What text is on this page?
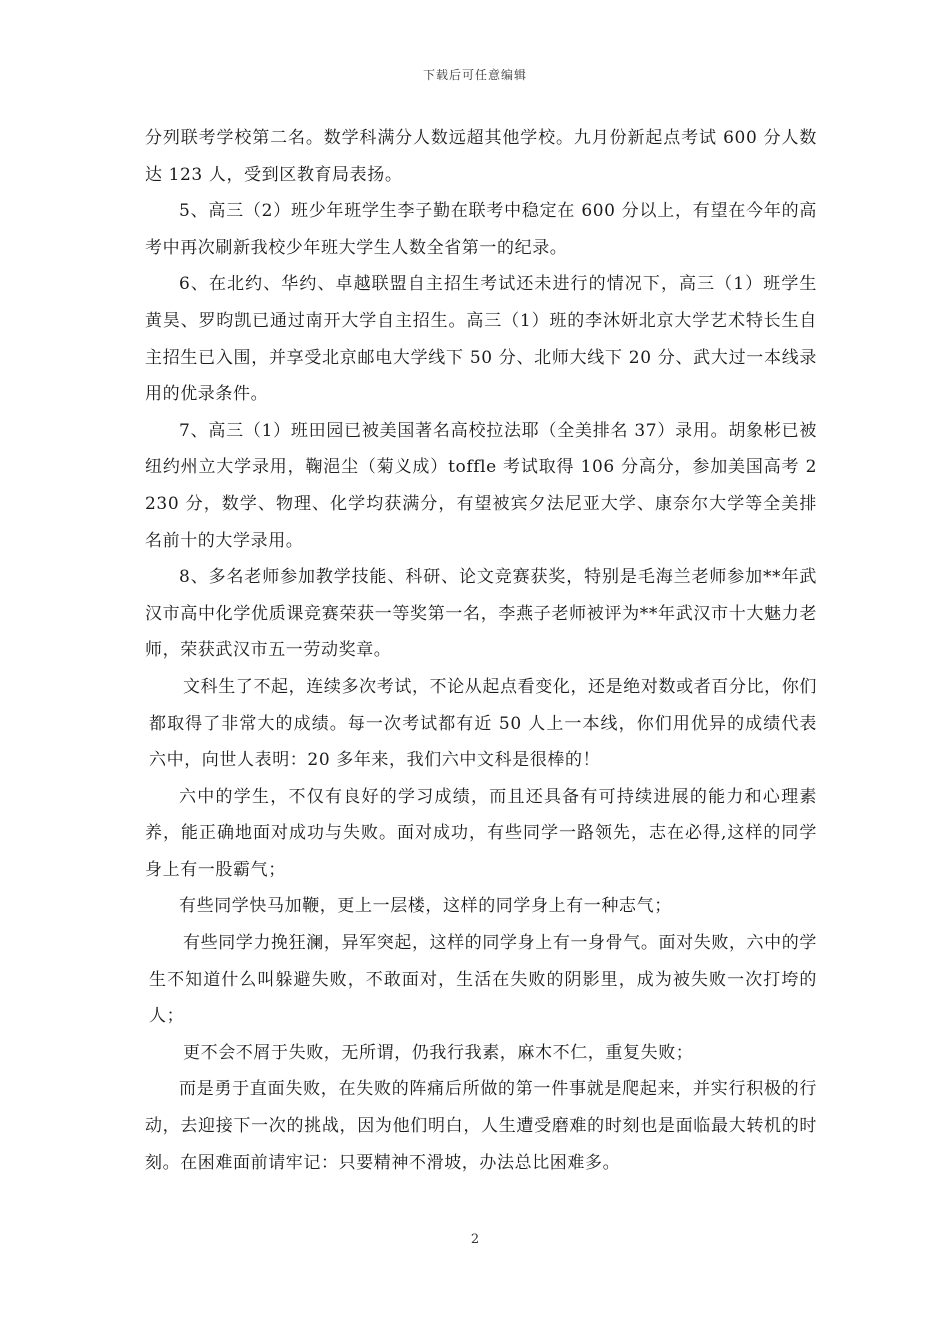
下载后可任意编辑

分列联考学校第二名。数学科满分人数远超其他学校。九月份新起点考试 600 分人数达 123 人，受到区教育局表扬。

5、高三（2）班少年班学生李子勤在联考中稳定在 600 分以上，有望在今年的高考中再次刷新我校少年班大学生人数全省第一的纪录。

6、在北约、华约、卓越联盟自主招生考试还未进行的情况下，高三（1）班学生黄昊、罗昀凯已通过南开大学自主招生。高三（1）班的李沐妍北京大学艺术特长生自主招生已入围，并享受北京邮电大学线下 50 分、北师大线下 20 分、武大过一本线录用的优录条件。

7、高三（1）班田园已被美国著名高校拉法耶（全美排名 37）录用。胡象彬已被纽约州立大学录用，鞠浥尘（菊义成）toffle 考试取得 106 分高分，参加美国高考 2230 分，数学、物理、化学均获满分，有望被宾夕法尼亚大学、康奈尔大学等全美排名前十的大学录用。

8、多名老师参加教学技能、科研、论文竞赛获奖，特别是毛海兰老师参加**年武汉市高中化学优质课竞赛荣获一等奖第一名，李燕子老师被评为**年武汉市十大魅力老师，荣获武汉市五一劳动奖章。

文科生了不起，连续多次考试，不论从起点看变化，还是绝对数或者百分比，你们都取得了非常大的成绩。每一次考试都有近 50 人上一本线，你们用优异的成绩代表六中，向世人表明：20 多年来，我们六中文科是很棒的！

六中的学生，不仅有良好的学习成绩，而且还具备有可持续进展的能力和心理素养，能正确地面对成功与失败。面对成功，有些同学一路领先，志在必得,这样的同学身上有一股霸气；

有些同学快马加鞭，更上一层楼，这样的同学身上有一种志气；

有些同学力挽狂澜，异军突起，这样的同学身上有一身骨气。面对失败，六中的学生不知道什么叫躲避失败，不敢面对，生活在失败的阴影里，成为被失败一次打垮的人；

更不会不屑于失败，无所谓，仍我行我素，麻木不仁，重复失败；

而是勇于直面失败，在失败的阵痛后所做的第一件事就是爬起来，并实行积极的行动，去迎接下一次的挑战，因为他们明白，人生遭受磨难的时刻也是面临最大转机的时刻。在困难面前请牢记：只要精神不滑坡，办法总比困难多。

2
